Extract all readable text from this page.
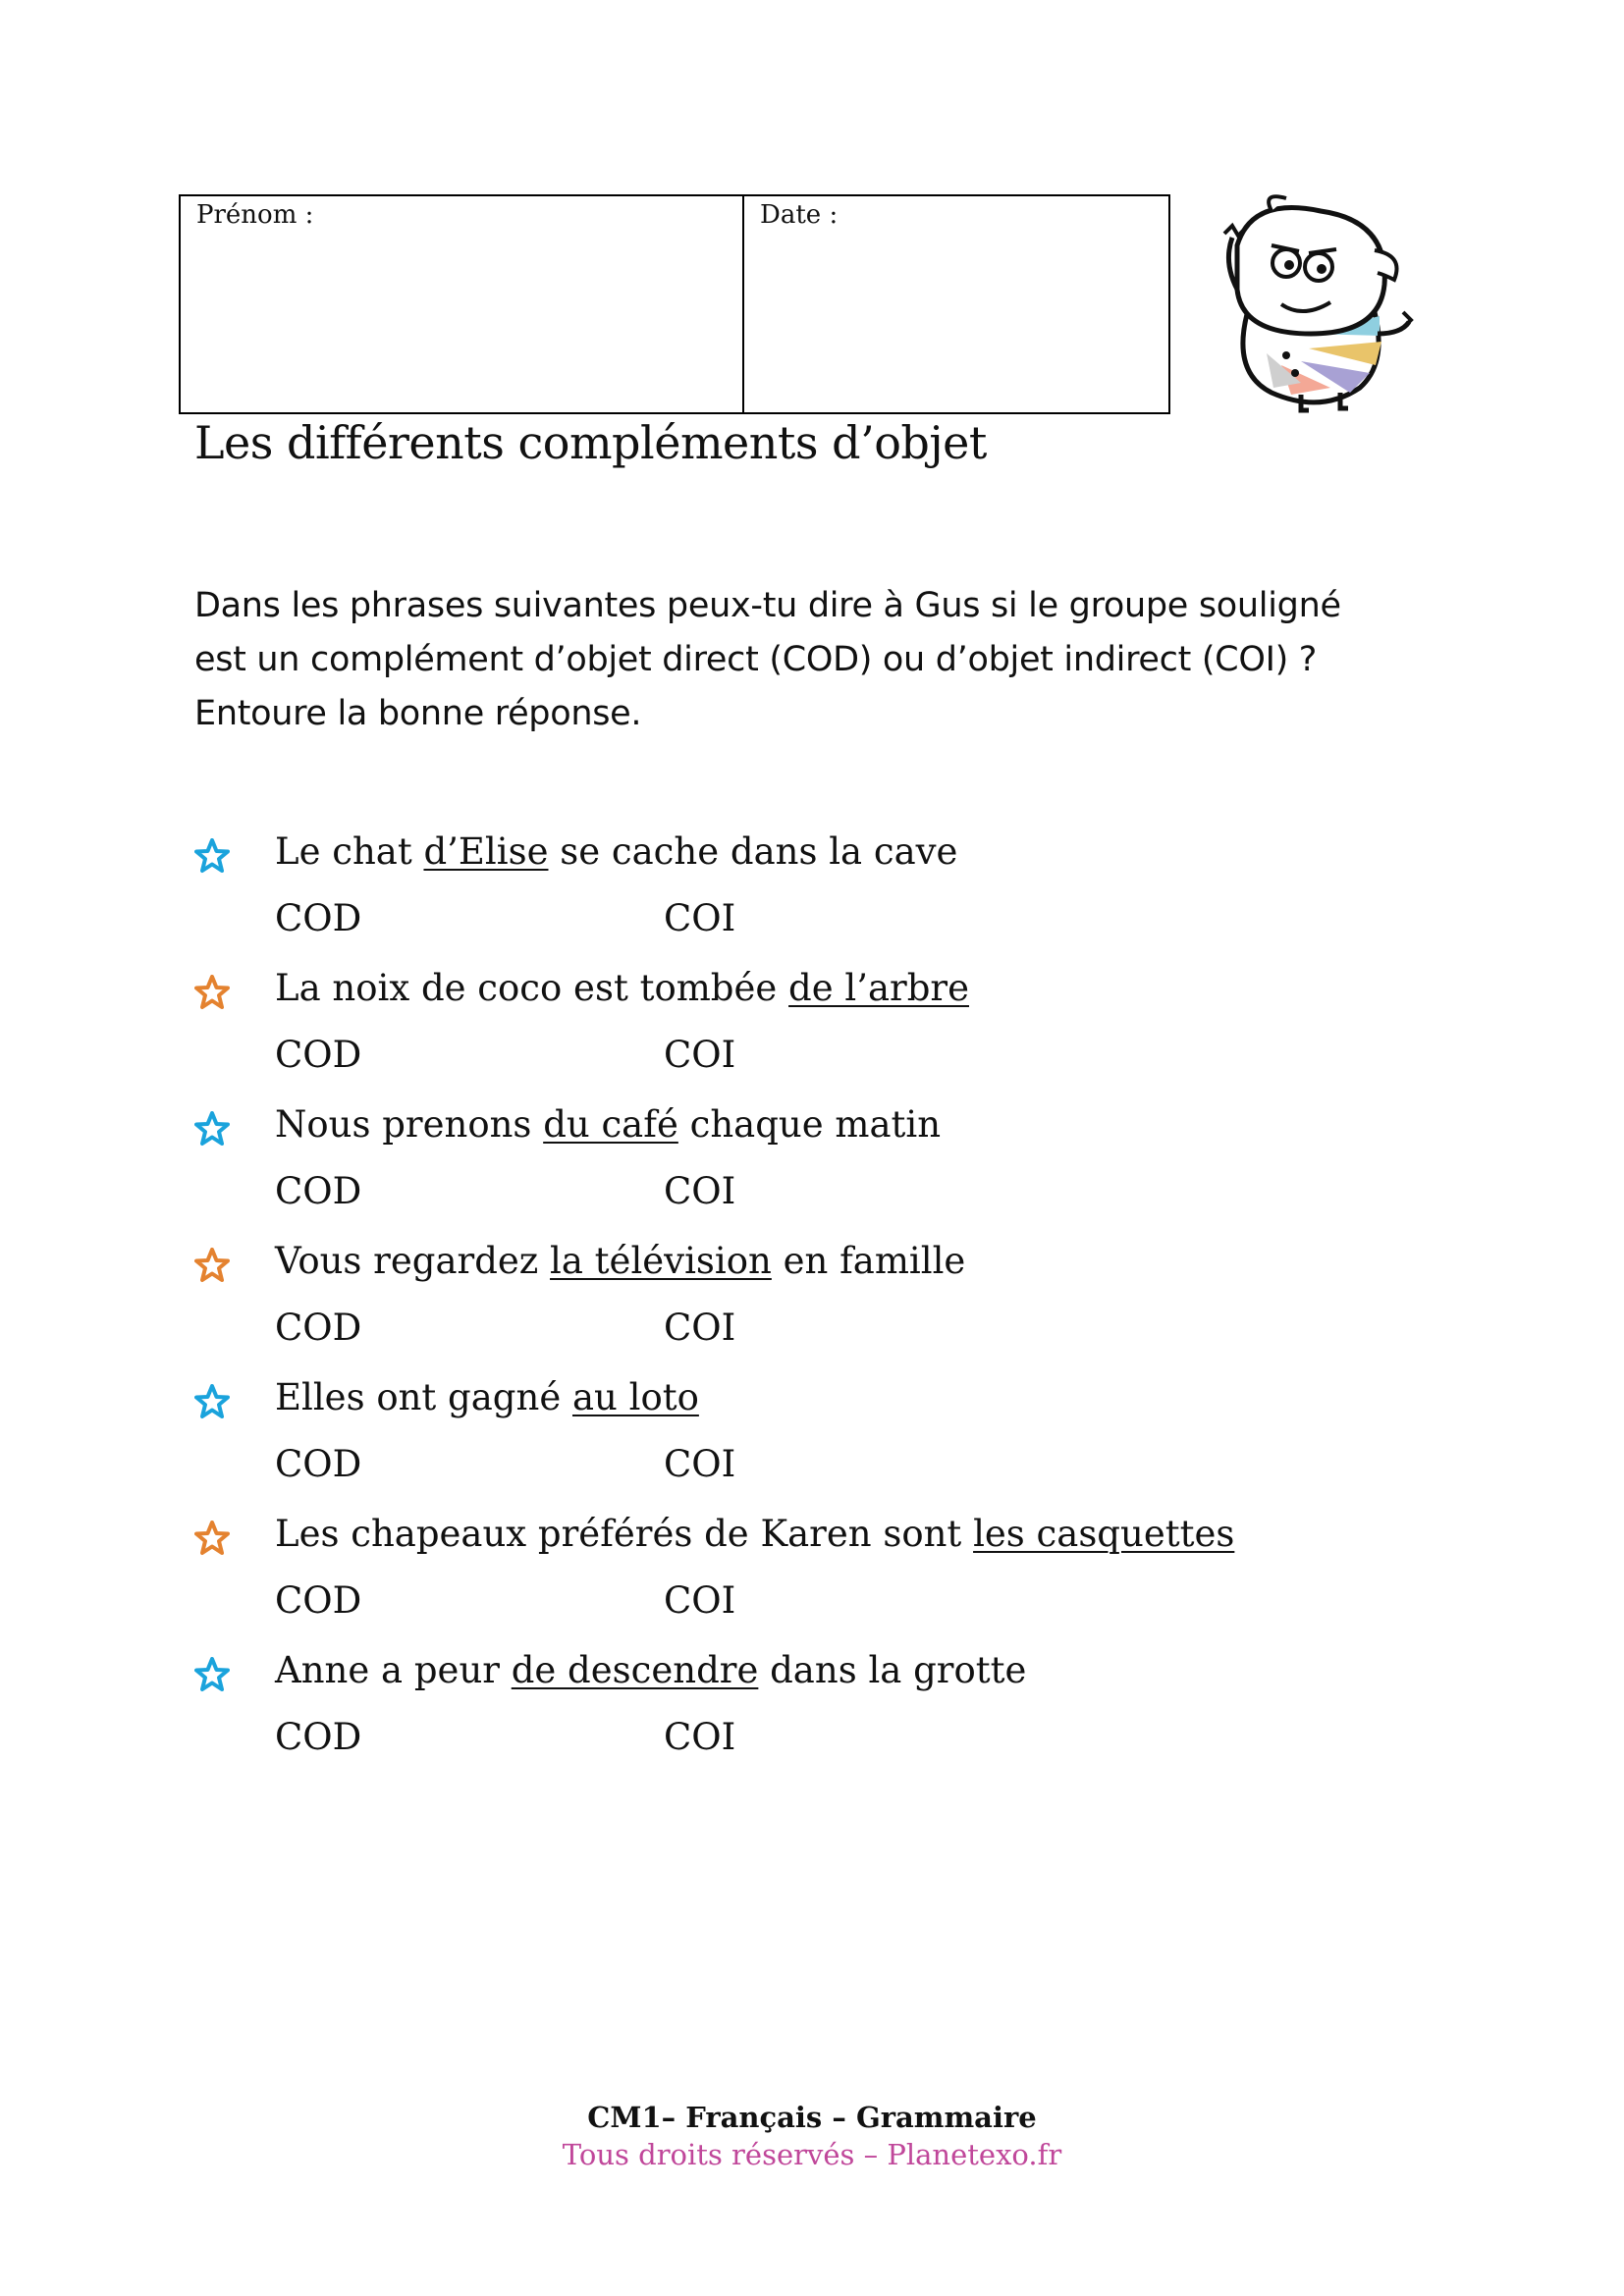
Prénom :	Date :
Les différents compléments d’objet
Dans les phrases suivantes peux-tu dire à Gus si le groupe souligné
est un complément d’objet direct (COD) ou d’objet indirect (COI) ?
Entoure la bonne réponse.
Le chat d’Elise se cache dans la cave
COD	COI
La noix de coco est tombée de l’arbre
COD	COI
Nous prenons du café chaque matin
COD	COI
Vous regardez la télévision en famille
COD	COI
Elles ont gagné au loto
COD	COI
Les chapeaux préférés de Karen sont les casquettes
COD	COI
Anne a peur de descendre dans la grotte
COD	COI
CM1– Français – Grammaire
Tous droits réservés – Planetexo.fr
